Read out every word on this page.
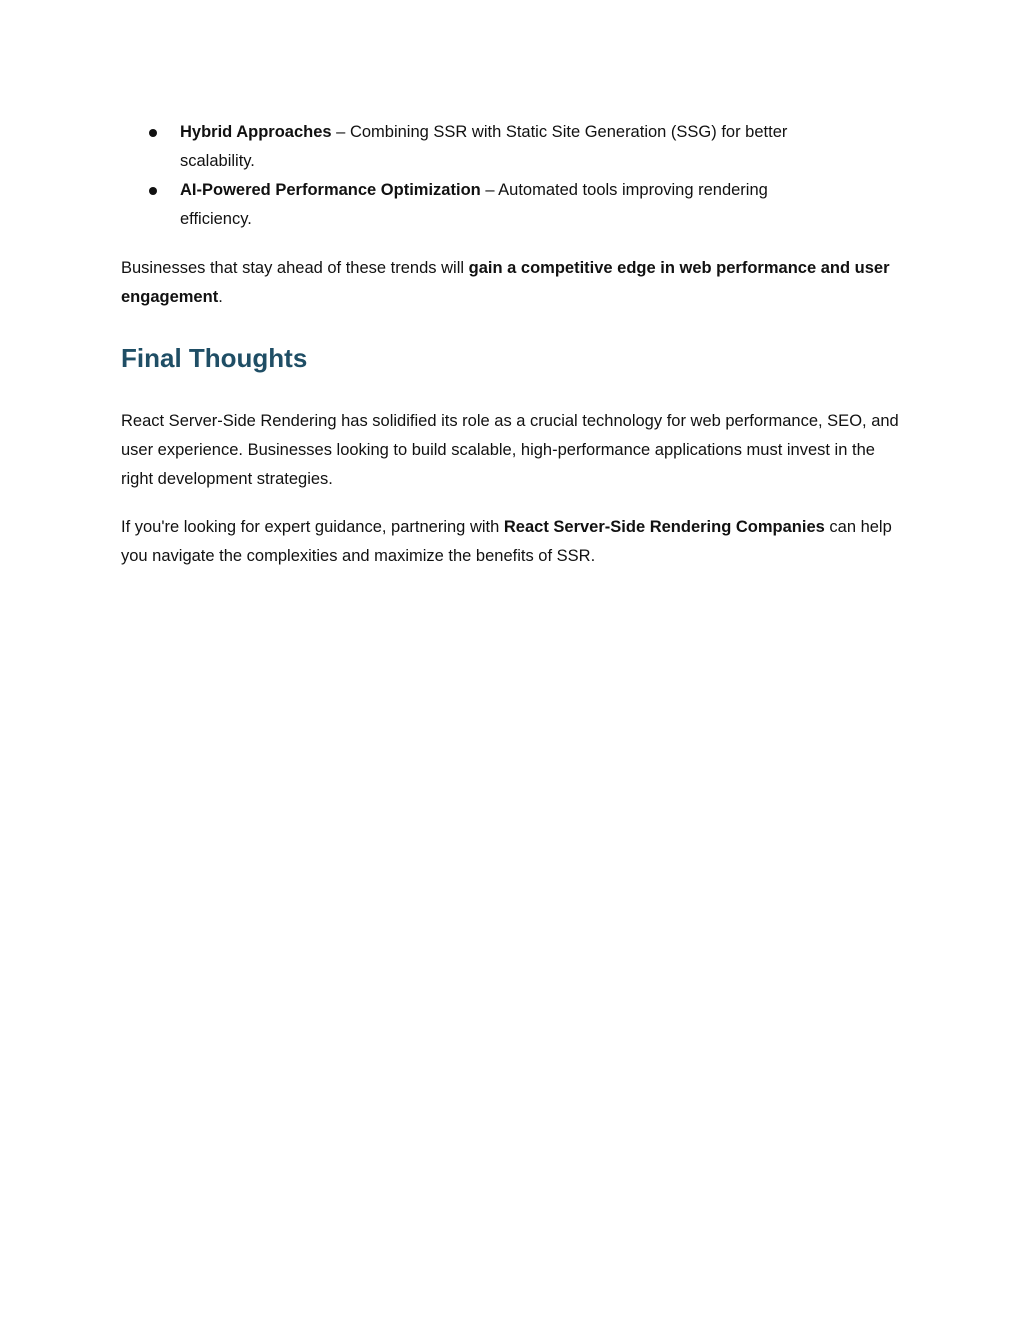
Hybrid Approaches – Combining SSR with Static Site Generation (SSG) for better scalability.
AI-Powered Performance Optimization – Automated tools improving rendering efficiency.

Businesses that stay ahead of these trends will gain a competitive edge in web performance and user engagement.

Final Thoughts

React Server-Side Rendering has solidified its role as a crucial technology for web performance, SEO, and user experience. Businesses looking to build scalable, high-performance applications must invest in the right development strategies.

If you're looking for expert guidance, partnering with React Server-Side Rendering Companies can help you navigate the complexities and maximize the benefits of SSR.
